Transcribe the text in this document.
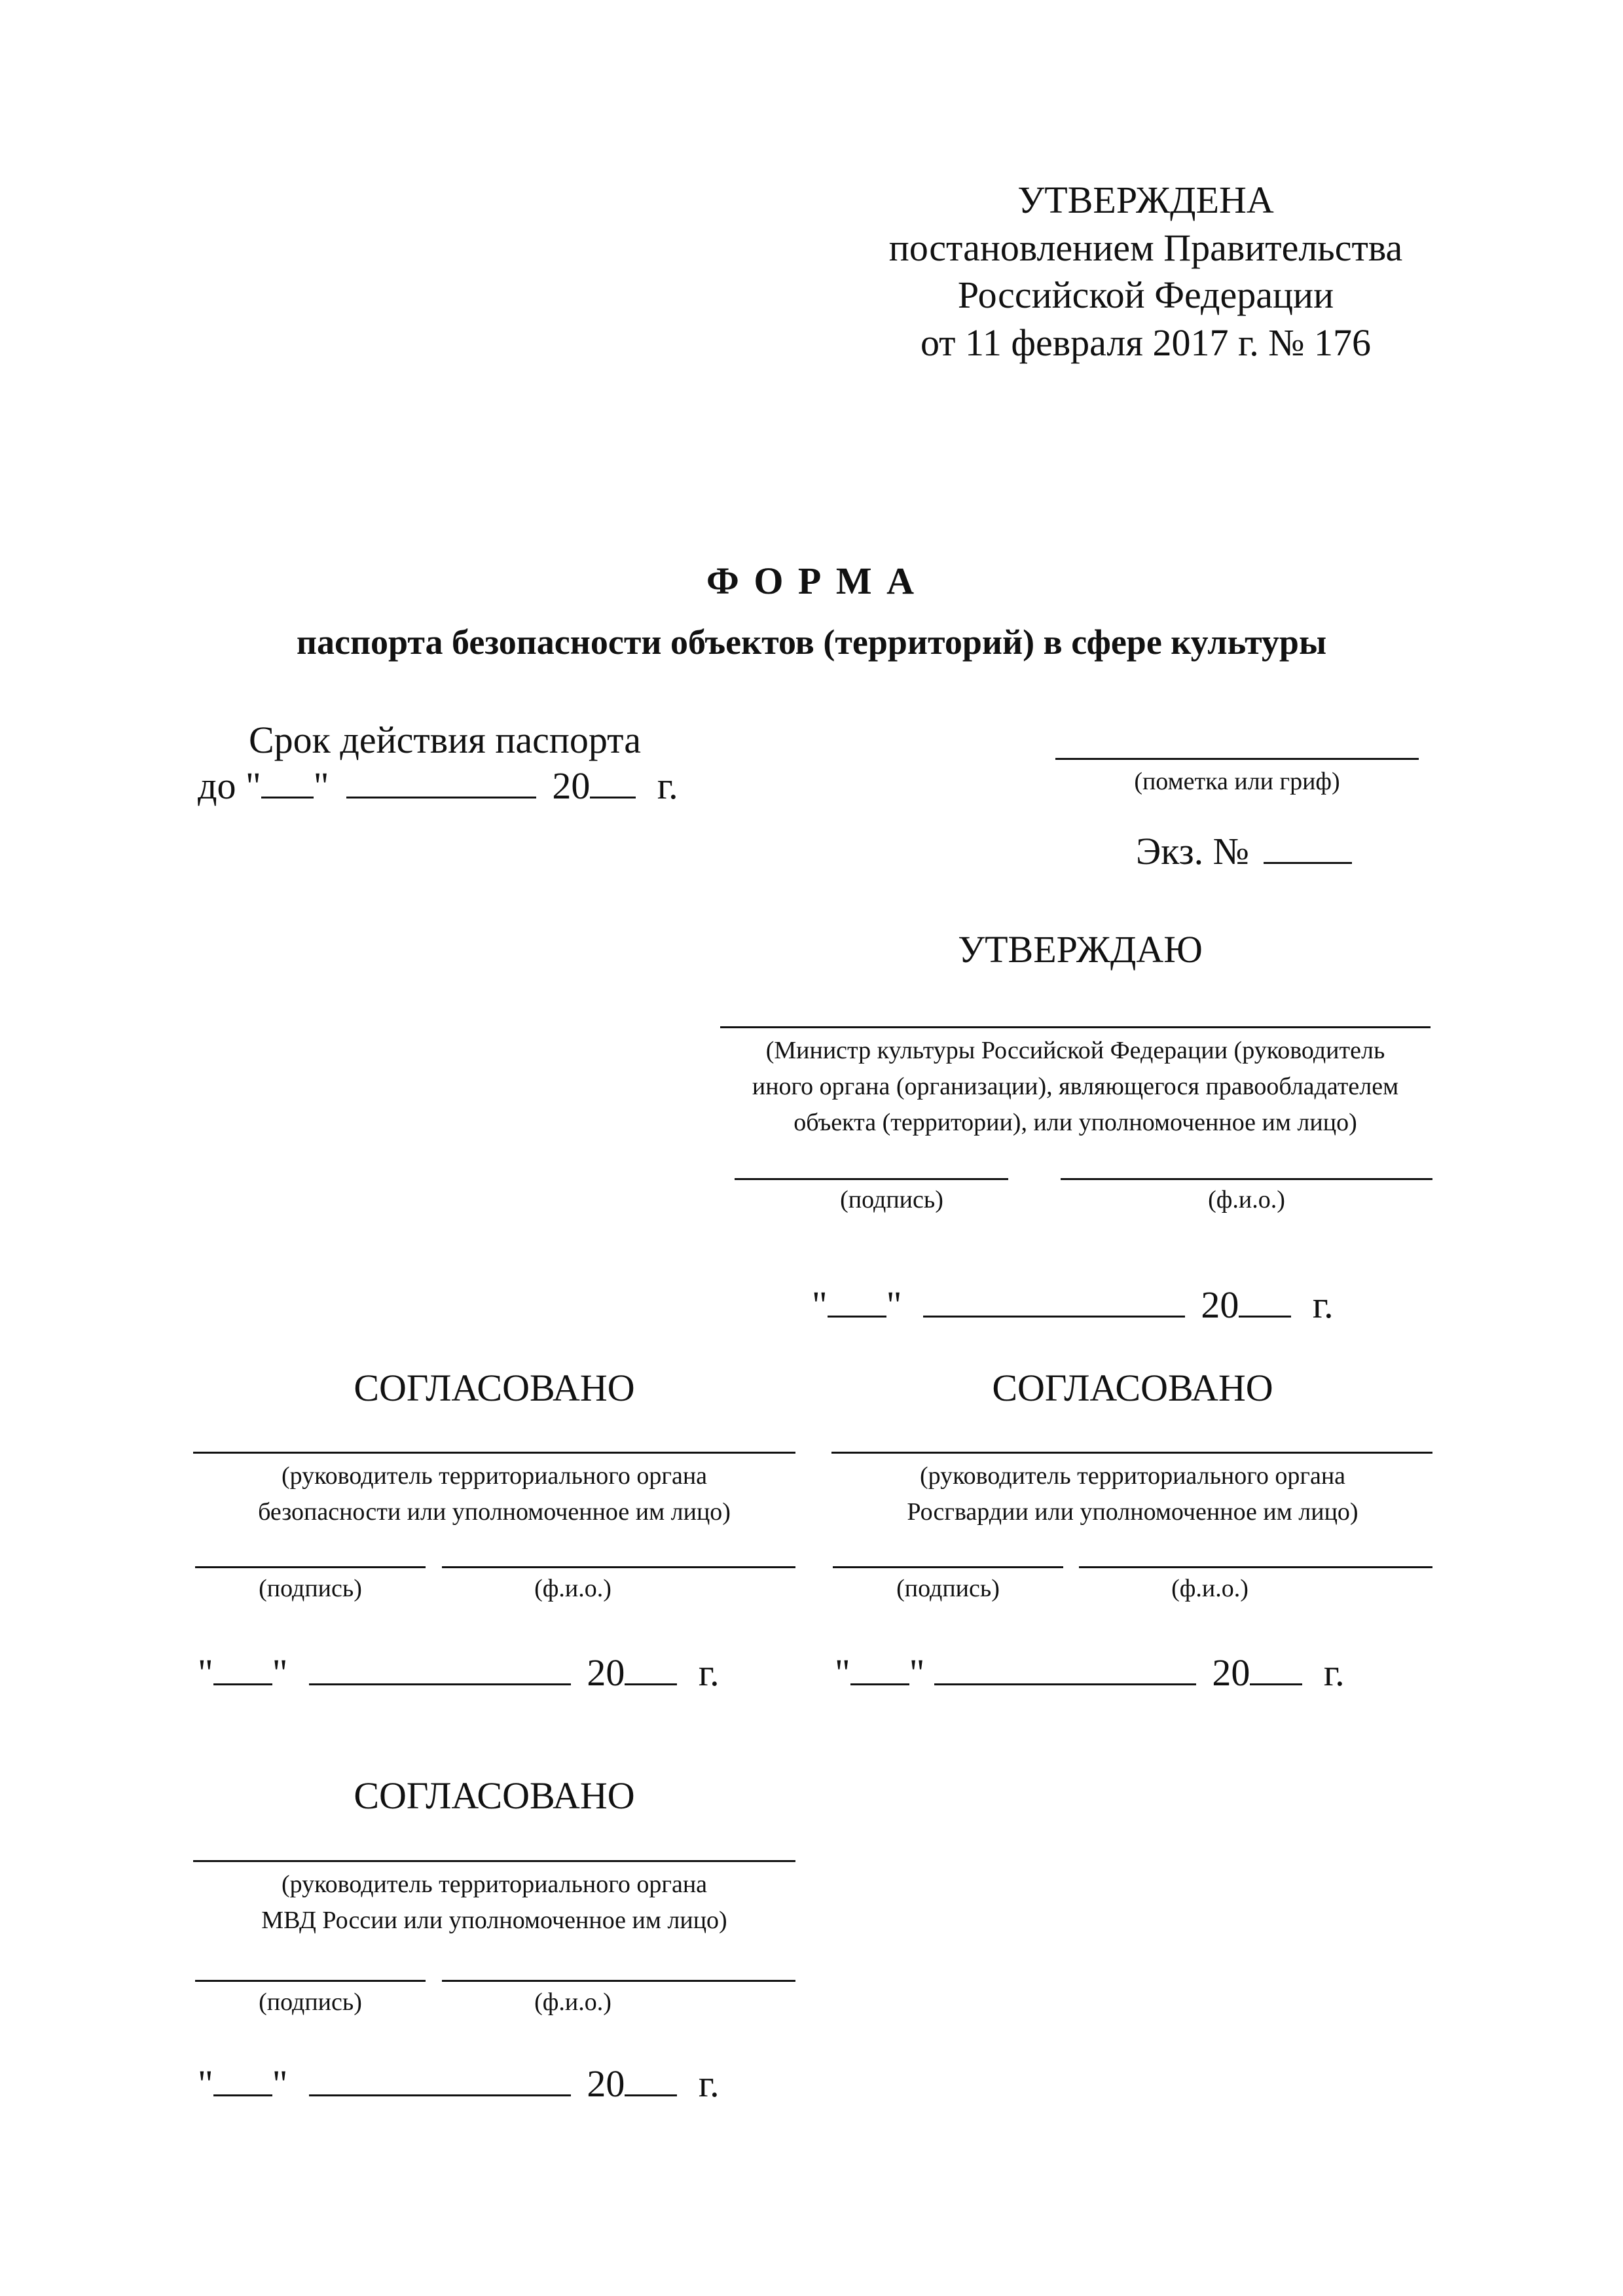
УТВЕРЖДЕНА
постановлением Правительства
Российской Федерации
от 11 февраля 2017 г. № 176
Ф О Р М А
паспорта безопасности объектов (территорий) в сфере культуры
Срок действия паспорта
до " "	20 г.	(пометка или гриф)
Экз. №
УТВЕРЖДАЮ
(Министр культуры Российской Федерации (руководитель
иного органа (организации), являющегося правообладателем
объекта (территории), или уполномоченное им лицо)
(подпись)	(ф.и.о.)
" "	20 г.
СОГЛАСОВАНО
(руководитель территориального органа
безопасности или уполномоченное им лицо)
(подпись)	(ф.и.о.)
" "	20 г.
СОГЛАСОВАНО
(руководитель территориального органа
Росгвардии или уполномоченное им лицо)
(подпись)	(ф.и.о.)
" "	20 г.
СОГЛАСОВАНО
(руководитель территориального органа
МВД России или уполномоченное им лицо)
(подпись)	(ф.и.о.)
" "	20 г.
